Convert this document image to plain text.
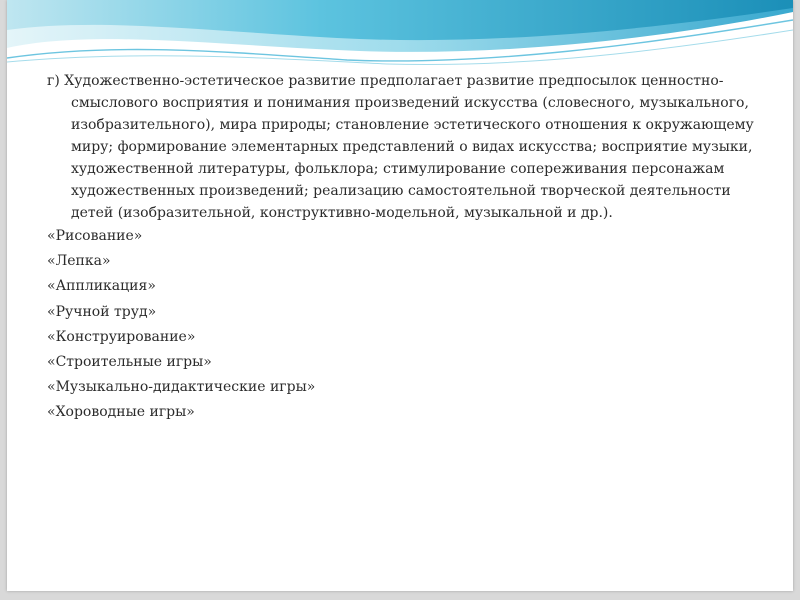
г) Художественно-эстетическое развитие предполагает развитие предпосылок ценностно-смыслового восприятия и понимания произведений искусства (словесного, музыкального, изобразительного), мира природы; становление эстетического отношения к окружающему миру; формирование элементарных представлений о видах искусства; восприятие музыки, художественной литературы, фольклора; стимулирование сопереживания персонажам художественных произведений; реализацию самостоятельной творческой деятельности детей (изобразительной, конструктивно-модельной, музыкальной и др.).

«Рисование»

«Лепка»

«Аппликация»

«Ручной труд»

«Конструирование»

«Строительные игры»

«Музыкально-дидактические игры»

«Хороводные игры»
